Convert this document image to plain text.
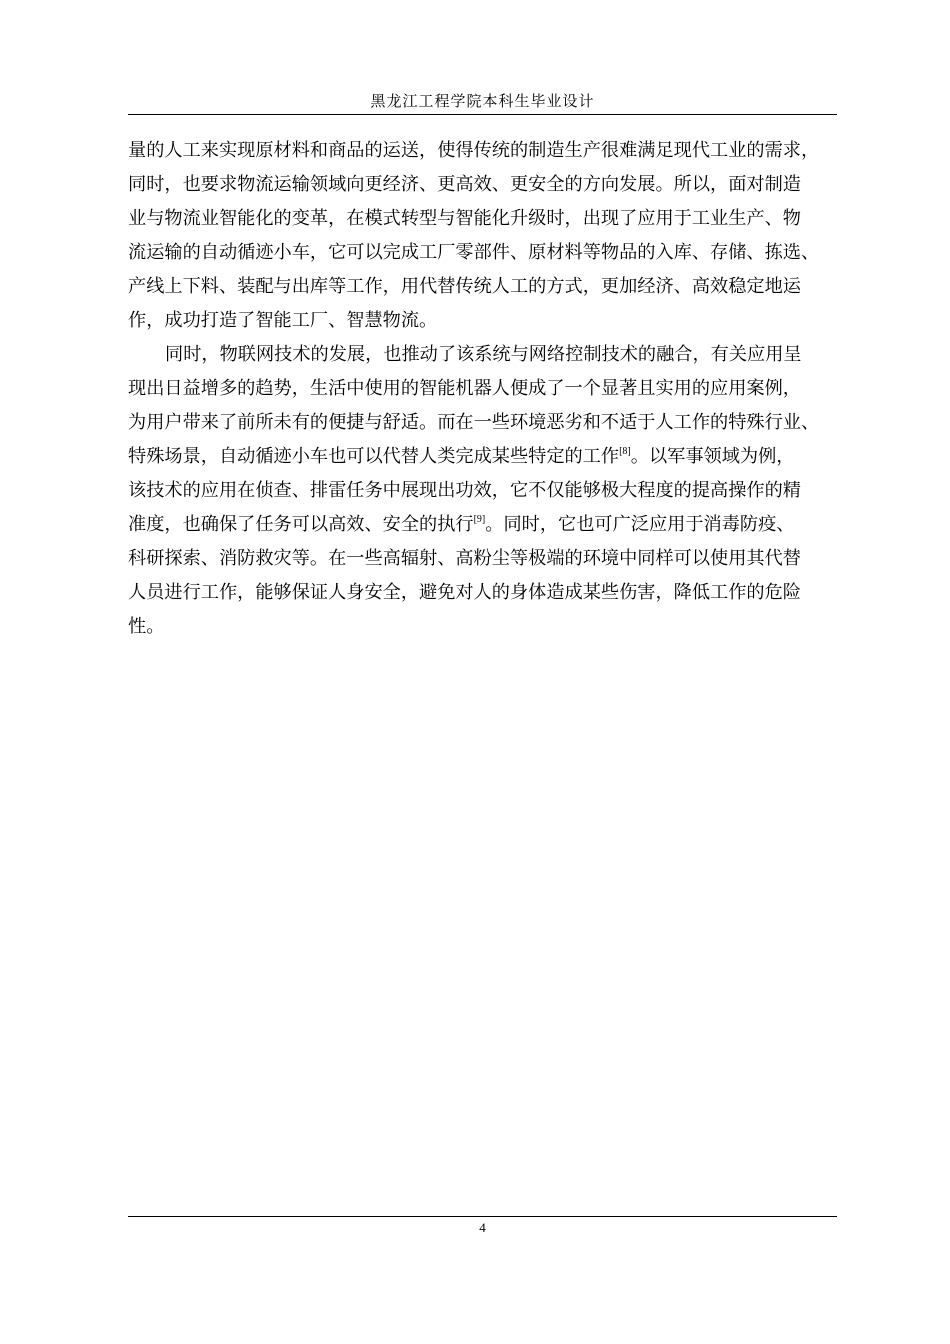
黑龙江工程学院本科生毕业设计
量的人工来实现原材料和商品的运送，使得传统的制造生产很难满足现代工业的需求，
同时，也要求物流运输领域向更经济、更高效、更安全的方向发展。所以，面对制造
业与物流业智能化的变革，在模式转型与智能化升级时，出现了应用于工业生产、物
流运输的自动循迹小车，它可以完成工厂零部件、原材料等物品的入库、存储、拣选、
产线上下料、装配与出库等工作，用代替传统人工的方式，更加经济、高效稳定地运
作，成功打造了智能工厂、智慧物流。
同时，物联网技术的发展，也推动了该系统与网络控制技术的融合，有关应用呈
现出日益增多的趋势，生活中使用的智能机器人便成了一个显著且实用的应用案例，
为用户带来了前所未有的便捷与舒适。而在一些环境恶劣和不适于人工作的特殊行业、
特殊场景，自动循迹小车也可以代替人类完成某些特定的工作[8]。以军事领域为例，
该技术的应用在侦查、排雷任务中展现出功效，它不仅能够极大程度的提高操作的精
准度，也确保了任务可以高效、安全的执行[9]。同时，它也可广泛应用于消毒防疫、
科研探索、消防救灾等。在一些高辐射、高粉尘等极端的环境中同样可以使用其代替
人员进行工作，能够保证人身安全，避免对人的身体造成某些伤害，降低工作的危险
性。
4
